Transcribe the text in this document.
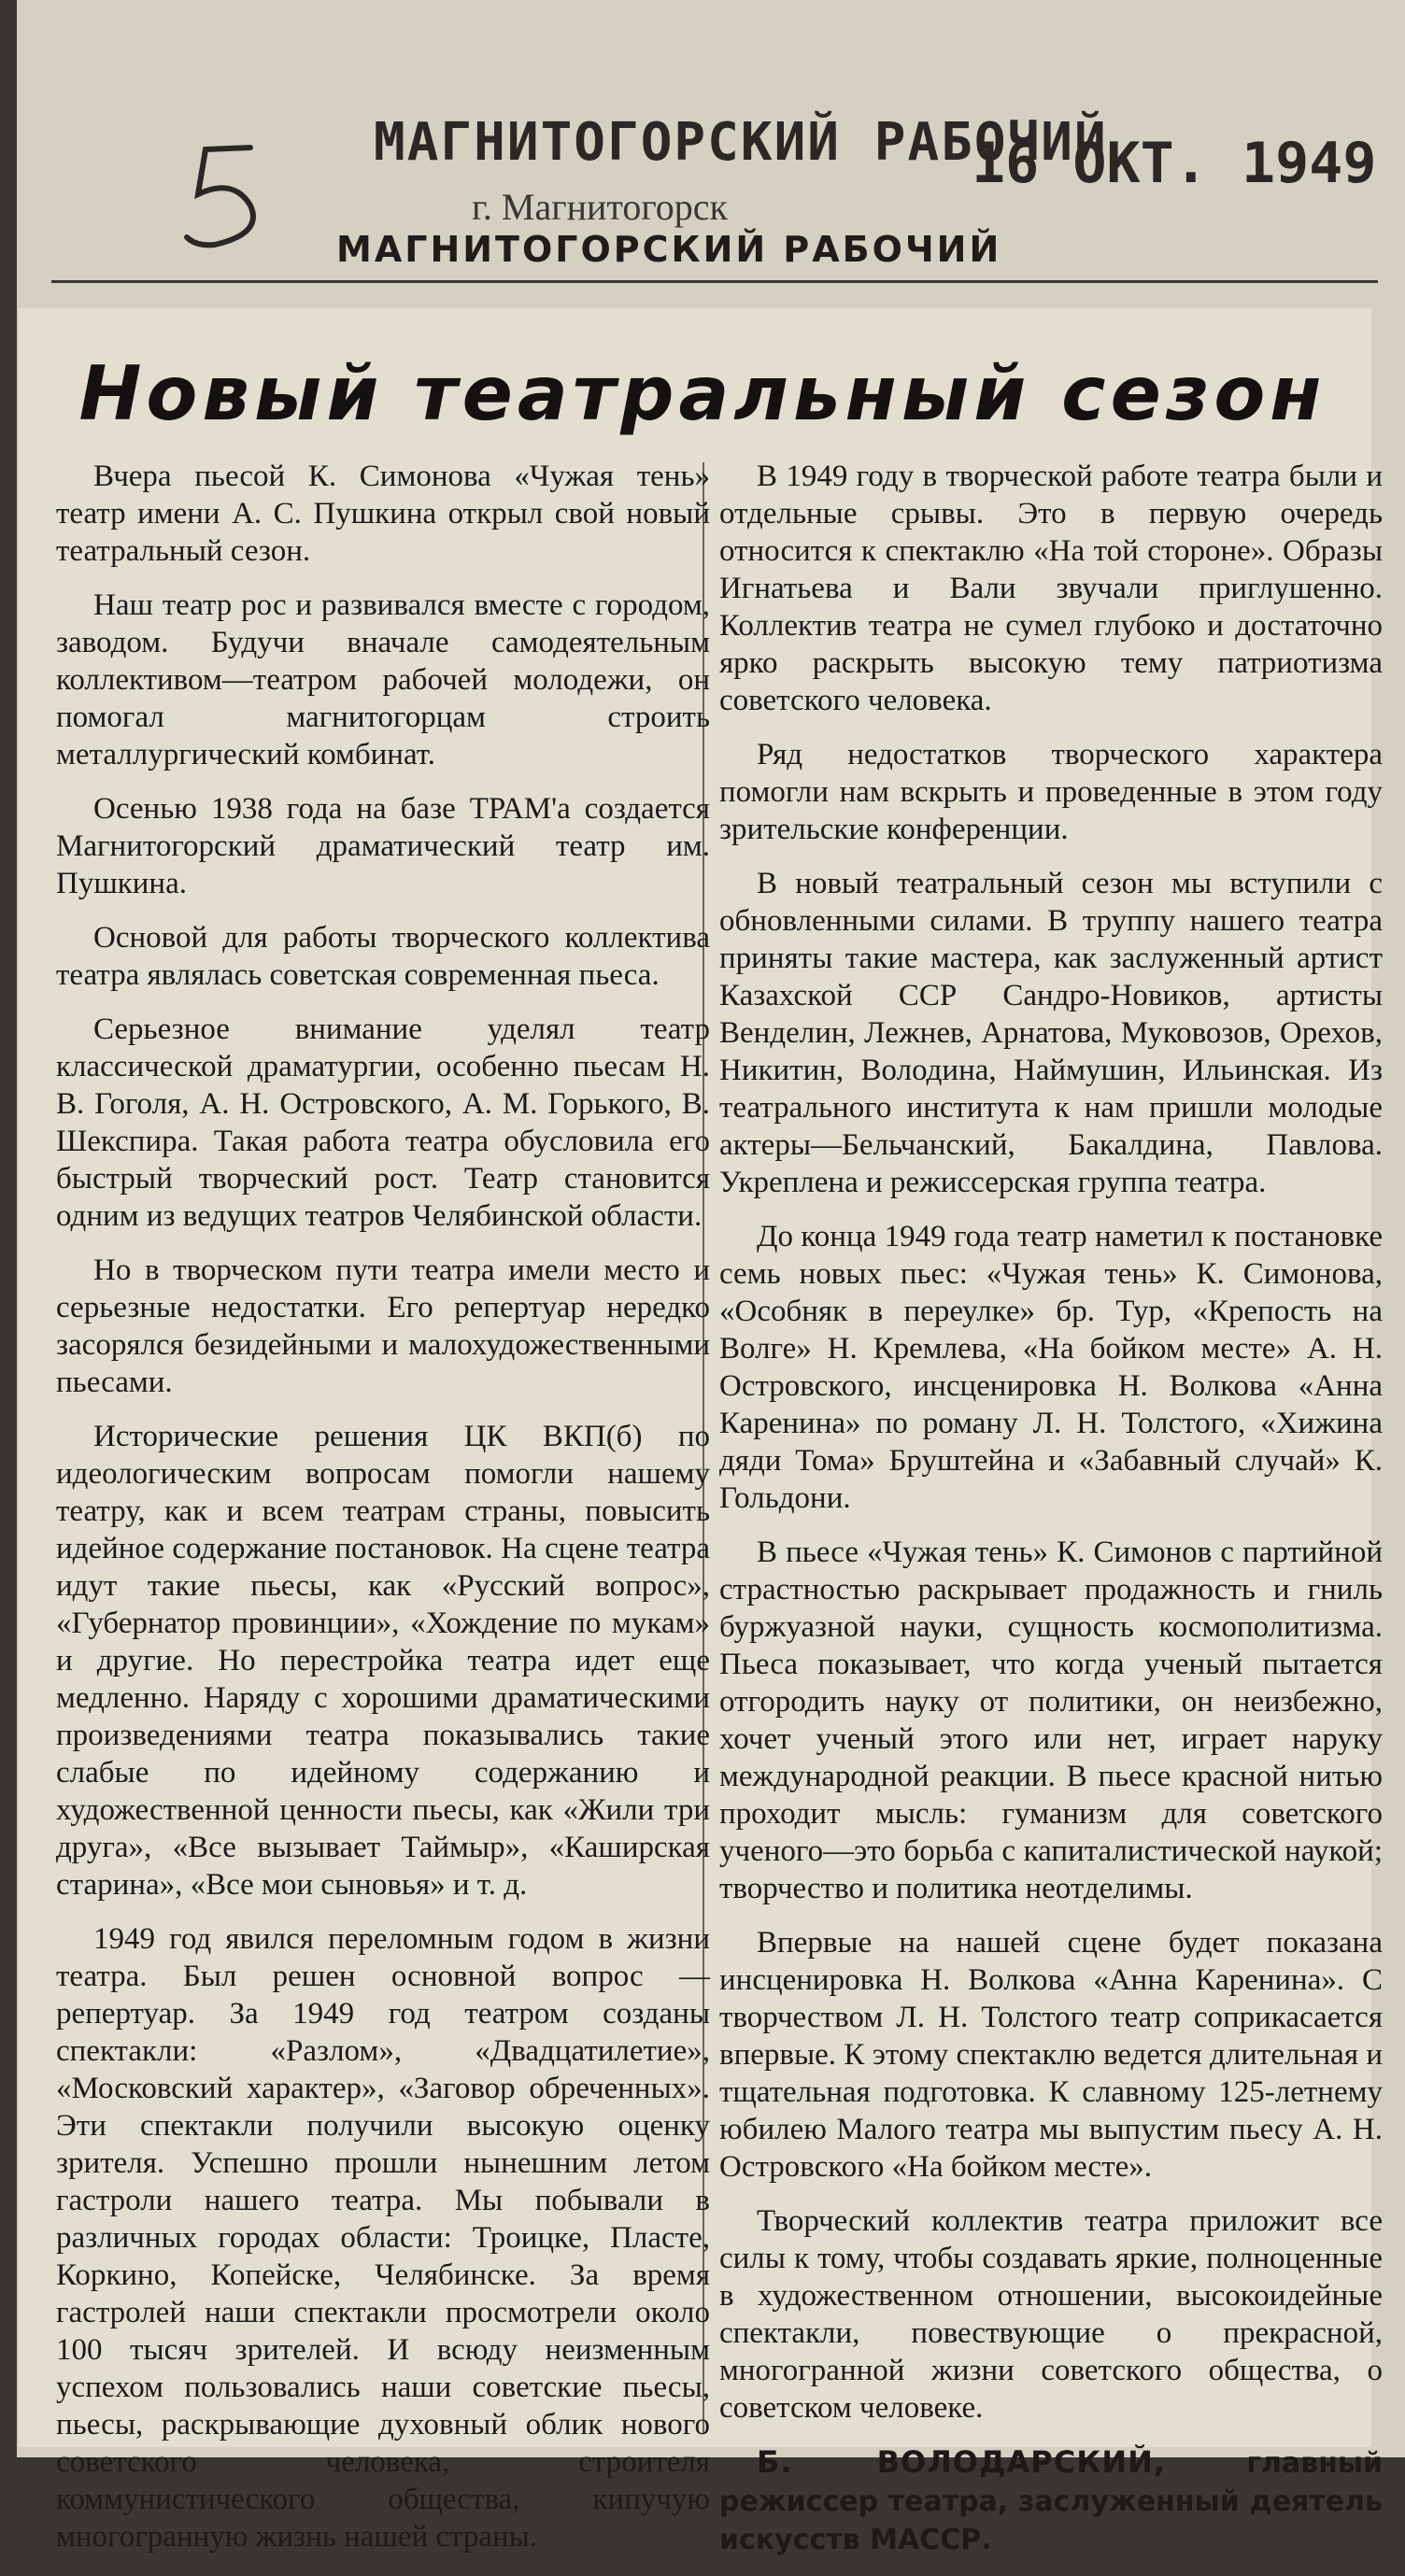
МАГНИТОГОРСКИЙ РАБОЧИЙ
16 ОКТ. 1949
г. Магнитогорск
МАГНИТОГОРСКИЙ РАБОЧИЙ
Новый театральный сезон

Вчера пьесой К. Симонова «Чужая тень» театр имени А. С. Пушкина открыл свой новый театральный сезон.

Наш театр рос и развивался вместе с городом, заводом. Будучи вначале самодеятельным коллективом—театром рабочей молодежи, он помогал магнитогорцам строить металлургический комбинат.

Осенью 1938 года на базе ТРАМ'а создается Магнитогорский драматический театр им. Пушкина.

Основой для работы творческого коллектива театра являлась советская современная пьеса.

Серьезное внимание уделял театр классической драматургии, особенно пьесам Н. В. Гоголя, А. Н. Островского, А. М. Горького, В. Шекспира. Такая работа театра обусловила его быстрый творческий рост. Театр становится одним из ведущих театров Челябинской области.

Но в творческом пути театра имели место и серьезные недостатки. Его репертуар нередко засорялся безидейными и малохудожественными пьесами.

Исторические решения ЦК ВКП(б) по идеологическим вопросам помогли нашему театру, как и всем театрам страны, повысить идейное содержание постановок. На сцене театра идут такие пьесы, как «Русский вопрос», «Губернатор провинции», «Хождение по мукам» и другие. Но перестройка театра идет еще медленно. Наряду с хорошими драматическими произведениями театра показывались такие слабые по идейному содержанию и художественной ценности пьесы, как «Жили три друга», «Все вызывает Таймыр», «Каширская старина», «Все мои сыновья» и т. д.

1949 год явился переломным годом в жизни театра. Был решен основной вопрос — репертуар. За 1949 год театром созданы спектакли: «Разлом», «Двадцатилетие», «Московский характер», «Заговор обреченных». Эти спектакли получили высокую оценку зрителя. Успешно прошли нынешним летом гастроли нашего театра. Мы побывали в различных городах области: Троицке, Пласте, Коркино, Копейске, Челябинске. За время гастролей наши спектакли просмотрели около 100 тысяч зрителей. И всюду неизменным успехом пользовались наши советские пьесы, пьесы, раскрывающие духовный облик нового советского человека, строителя коммунистического общества, кипучую многогранную жизнь нашей страны.

В 1949 году в творческой работе театра были и отдельные срывы. Это в первую очередь относится к спектаклю «На той стороне». Образы Игнатьева и Вали звучали приглушенно. Коллектив театра не сумел глубоко и достаточно ярко раскрыть высокую тему патриотизма советского человека.

Ряд недостатков творческого характера помогли нам вскрыть и проведенные в этом году зрительские конференции.

В новый театральный сезон мы вступили с обновленными силами. В труппу нашего театра приняты такие мастера, как заслуженный артист Казахской ССР Сандро-Новиков, артисты Венделин, Лежнев, Арнатова, Муковозов, Орехов, Никитин, Володина, Наймушин, Ильинская. Из театрального института к нам пришли молодые актеры—Бельчанский, Бакалдина, Павлова. Укреплена и режиссерская группа театра.

До конца 1949 года театр наметил к постановке семь новых пьес: «Чужая тень» К. Симонова, «Особняк в переулке» бр. Тур, «Крепость на Волге» Н. Кремлева, «На бойком месте» А. Н. Островского, инсценировка Н. Волкова «Анна Каренина» по роману Л. Н. Толстого, «Хижина дяди Тома» Бруштейна и «Забавный случай» К. Гольдони.

В пьесе «Чужая тень» К. Симонов с партийной страстностью раскрывает продажность и гниль буржуазной науки, сущность космополитизма. Пьеса показывает, что когда ученый пытается отгородить науку от политики, он неизбежно, хочет ученый этого или нет, играет наруку международной реакции. В пьесе красной нитью проходит мысль: гуманизм для советского ученого—это борьба с капиталистической наукой; творчество и политика неотделимы.

Впервые на нашей сцене будет показана инсценировка Н. Волкова «Анна Каренина». С творчеством Л. Н. Толстого театр соприкасается впервые. К этому спектаклю ведется длительная и тщательная подготовка. К славному 125-летнему юбилею Малого театра мы выпустим пьесу А. Н. Островского «На бойком месте».

Творческий коллектив театра приложит все силы к тому, чтобы создавать яркие, полноценные в художественном отношении, высокоидейные спектакли, повествующие о прекрасной, многогранной жизни советского общества, о советском человеке.

Б. ВОЛОДАРСКИЙ,	главный режиссер театра, заслуженный деятель искусств МАССР.
